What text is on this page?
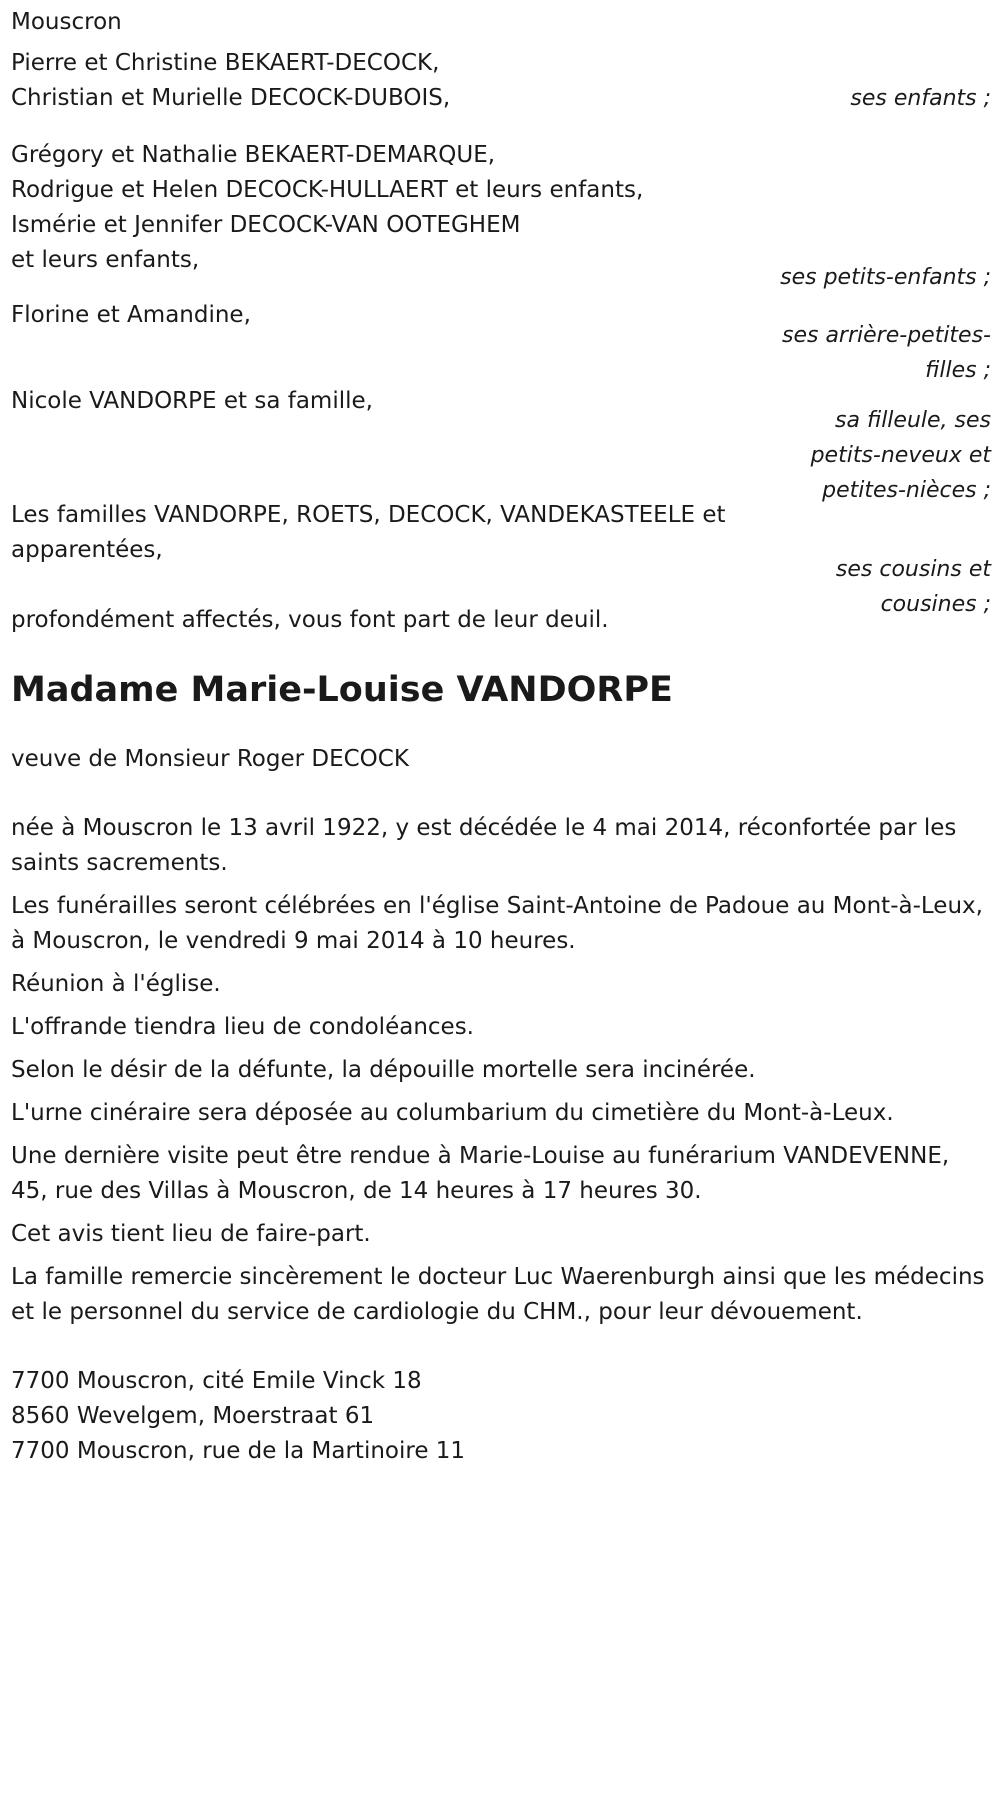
Mouscron
Pierre et Christine BEKAERT-DECOCK,
Christian et Murielle DECOCK-DUBOIS,	ses enfants ;
Grégory et Nathalie BEKAERT-DEMARQUE,
Rodrigue et Helen DECOCK-HULLAERT et leurs enfants,
Ismérie et Jennifer DECOCK-VAN OOTEGHEM
et leurs enfants,
ses petits-enfants ;
Florine et Amandine,
ses arrière-petites-
filles ;
Nicole VANDORPE et sa famille,
sa filleule, ses
petits-neveux et
petites-nièces ;
Les familles VANDORPE, ROETS, DECOCK, VANDEKASTEELE et
apparentées,
ses cousins et
cousines ;
profondément affectés, vous font part de leur deuil.
Madame Marie-Louise VANDORPE
veuve de Monsieur Roger DECOCK
née à Mouscron le 13 avril 1922, y est décédée le 4 mai 2014, réconfortée par les saints sacrements.
Les funérailles seront célébrées en l'église Saint-Antoine de Padoue au Mont-à-Leux, à Mouscron, le vendredi 9 mai 2014 à 10 heures.
Réunion à l'église.
L'offrande tiendra lieu de condoléances.
Selon le désir de la défunte, la dépouille mortelle sera incinérée.
L'urne cinéraire sera déposée au columbarium du cimetière du Mont-à-Leux.
Une dernière visite peut être rendue à Marie-Louise au funérarium VANDEVENNE, 45, rue des Villas à Mouscron, de 14 heures à 17 heures 30.
Cet avis tient lieu de faire-part.
La famille remercie sincèrement le docteur Luc Waerenburgh ainsi que les médecins et le personnel du service de cardiologie du CHM., pour leur dévouement.
7700 Mouscron, cité Emile Vinck 18
8560 Wevelgem, Moerstraat 61
7700 Mouscron, rue de la Martinoire 11
